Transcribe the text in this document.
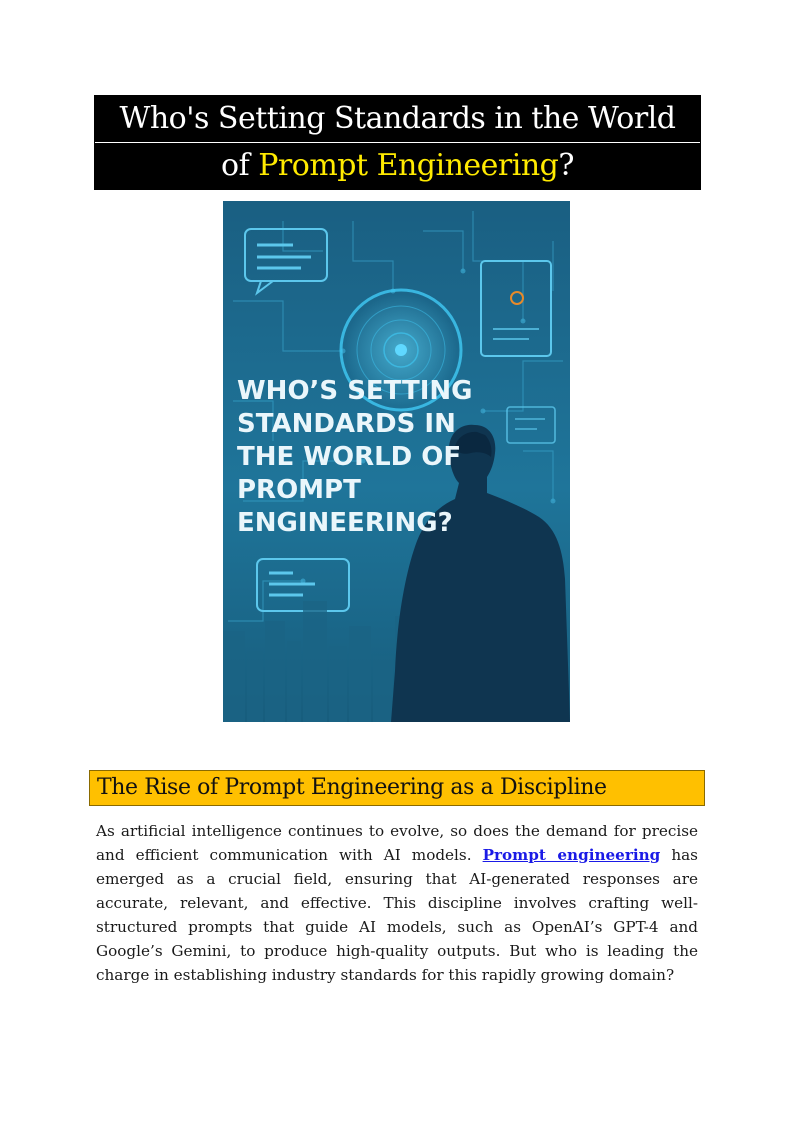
Who's Setting Standards in the World
of Prompt Engineering?
WHO’S SETTING
STANDARDS IN
THE WORLD OF
PROMPT
ENGINEERING?
The Rise of Prompt Engineering as a Discipline

As artificial intelligence continues to evolve, so does the demand for precise and efficient communication with AI models. Prompt engineering has emerged as a crucial field, ensuring that AI-generated responses are accurate, relevant, and effective. This discipline involves crafting well-structured prompts that guide AI models, such as OpenAI’s GPT-4 and Google’s Gemini, to produce high-quality outputs. But who is leading the charge in establishing industry standards for this rapidly growing domain?
